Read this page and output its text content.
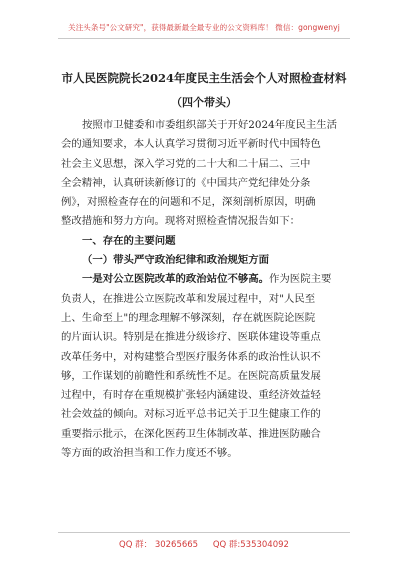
关注头条号"公文研究"，获得最新最全最专业的公文资料库！ 微信：gongwenyj
市人民医院院长2024年度民主生活会个人对照检查材料
（四个带头）
按照市卫健委和市委组织部关于开好2024年度民主生活
会的通知要求，本人认真学习贯彻习近平新时代中国特色
社会主义思想，深入学习党的二十大和二十届二、三中
全会精神，认真研读新修订的《中国共产党纪律处分条
例》，对照检查存在的问题和不足，深刻剖析原因，明确
整改措施和努力方向。现将对照检查情况报告如下：
一、存在的主要问题
（一）带头严守政治纪律和政治规矩方面
一是对公立医院改革的政治站位不够高。作为医院主要
负责人，在推进公立医院改革和发展过程中，对"人民至
上、生命至上"的理念理解不够深刻，存在就医院论医院
的片面认识。特别是在推进分级诊疗、医联体建设等重点
改革任务中，对构建整合型医疗服务体系的政治性认识不
够，工作谋划的前瞻性和系统性不足。在医院高质量发展
过程中，有时存在重规模扩张轻内涵建设、重经济效益轻
社会效益的倾向。对标习近平总书记关于卫生健康工作的
重要指示批示，在深化医药卫生体制改革、推进医防融合
等方面的政治担当和工作力度还不够。
QQ 群： 30265665 QQ 群:535304092
